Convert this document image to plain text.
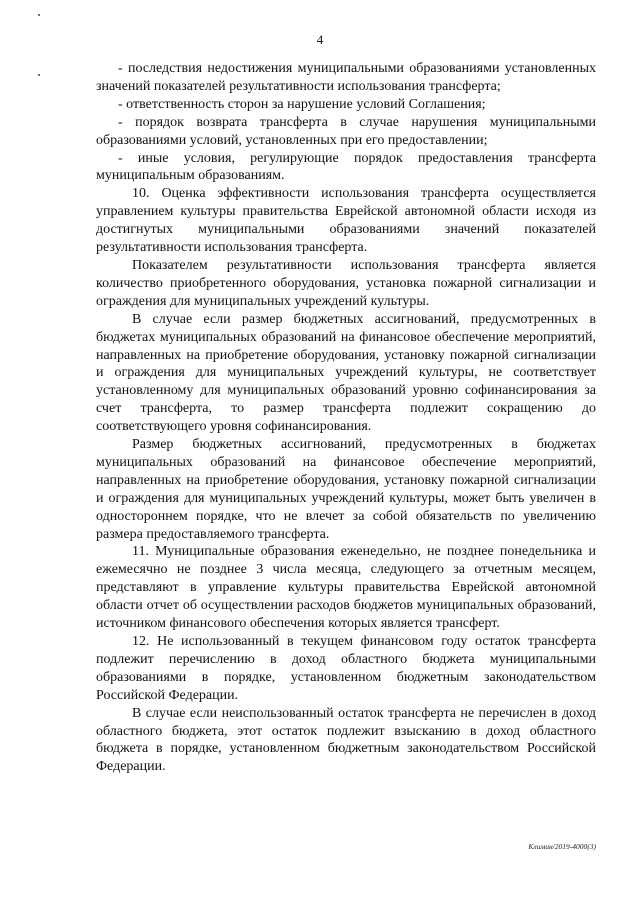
4

- последствия недостижения муниципальными образованиями установленных значений показателей результативности использования трансферта;

- ответственность сторон за нарушение условий Соглашения;

- порядок возврата трансферта в случае нарушения муниципальными образованиями условий, установленных при его предоставлении;

- иные условия, регулирующие порядок предоставления трансферта муниципальным образованиям.

10. Оценка эффективности использования трансферта осуществляется управлением культуры правительства Еврейской автономной области исходя из достигнутых муниципальными образованиями значений показателей результативности использования трансферта.

Показателем результативности использования трансферта является количество приобретенного оборудования, установка пожарной сигнализации и ограждения для муниципальных учреждений культуры.

В случае если размер бюджетных ассигнований, предусмотренных в бюджетах муниципальных образований на финансовое обеспечение мероприятий, направленных на приобретение оборудования, установку пожарной сигнализации и ограждения для муниципальных учреждений культуры, не соответствует установленному для муниципальных образований уровню софинансирования за счет трансферта, то размер трансферта подлежит сокращению до соответствующего уровня софинансирования.

Размер бюджетных ассигнований, предусмотренных в бюджетах муниципальных образований на финансовое обеспечение мероприятий, направленных на приобретение оборудования, установку пожарной сигнализации и ограждения для муниципальных учреждений культуры, может быть увеличен в одностороннем порядке, что не влечет за собой обязательств по увеличению размера предоставляемого трансферта.

11. Муниципальные образования еженедельно, не позднее понедельника и ежемесячно не позднее 3 числа месяца, следующего за отчетным месяцем, представляют в управление культуры правительства Еврейской автономной области отчет об осуществлении расходов бюджетов муниципальных образований, источником финансового обеспечения которых является трансферт.

12. Не использованный в текущем финансовом году остаток трансферта подлежит перечислению в доход областного бюджета муниципальными образованиями в порядке, установленном бюджетным законодательством Российской Федерации.

В случае если неиспользованный остаток трансферта не перечислен в доход областного бюджета, этот остаток подлежит взысканию в доход областного бюджета в порядке, установленном бюджетным законодательством Российской Федерации.

Климин/2019-4000(3)
